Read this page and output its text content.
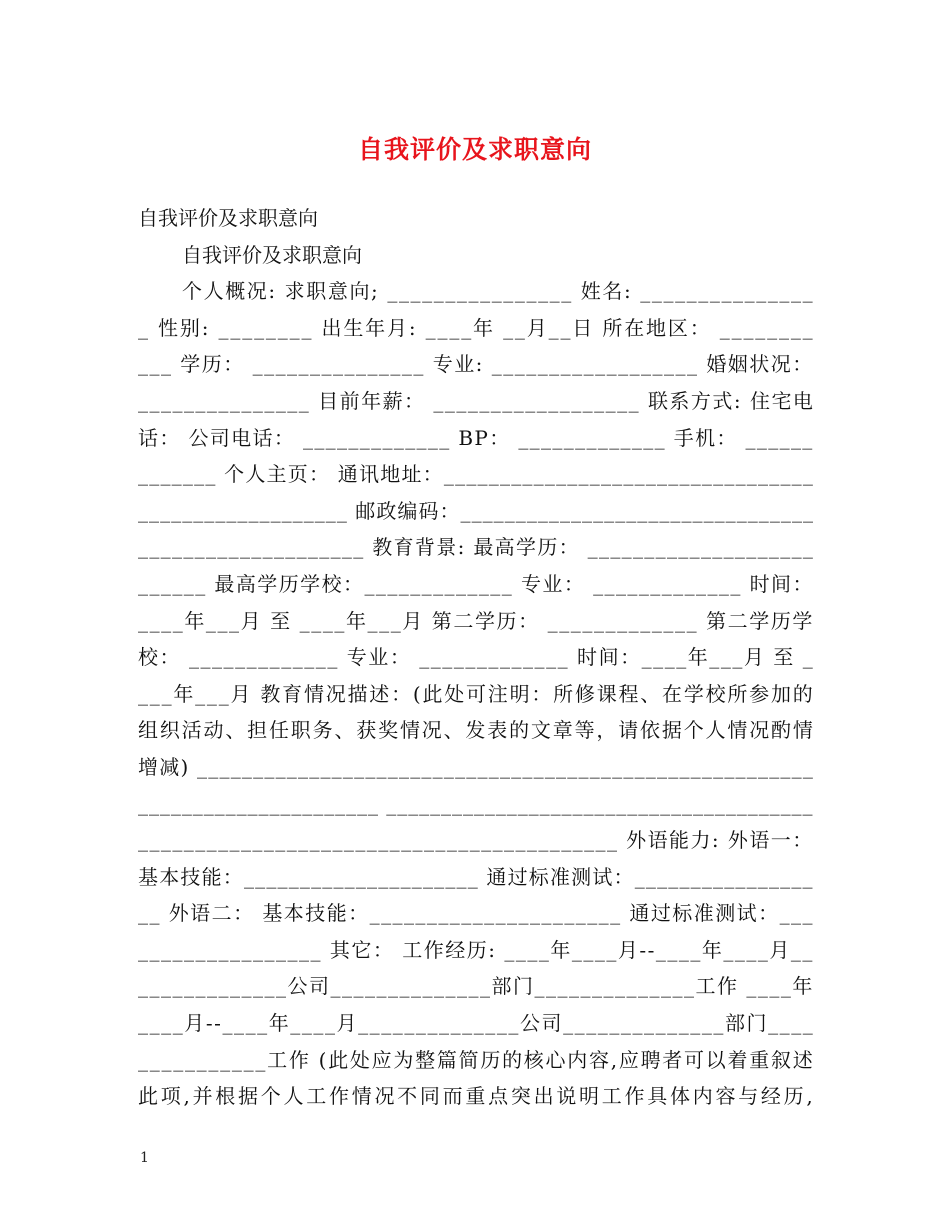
自我评价及求职意向
自我评价及求职意向
自我评价及求职意向
个 人 概 况 :
求 职 意 向 ;
_ _ _ _ _ _ _ _ _ _ _ _ _ _ _ _
姓 名 :
_ _ _ _ _ _ _ _ _ _ _ _ _ _ _
_
性 别 :
_ _ _ _ _ _ _ _
出 生 年 月 :
_ _ _ _ 年
_ _ 月 _ _ 日
所 在 地 区 ：
_ _ _ _ _ _ _ _
_ _ _
学 历 ：
_ _ _ _ _ _ _ _ _ _ _ _ _ _ _
专 业 :
_ _ _ _ _ _ _ _ _ _ _ _ _ _ _ _ _ _
婚 姻 状 况 ：
_ _ _ _ _ _ _ _ _ _ _ _ _ _ _
目 前 年 薪 ：
_ _ _ _ _ _ _ _ _ _ _ _ _ _ _ _ _ _
联 系 方 式 :
住 宅 电
话 ：
公 司 电 话 ：
_ _ _ _ _ _ _ _ _ _ _ _ _
B P ：
_ _ _ _ _ _ _ _ _ _ _ _ _
手 机 ：
_ _ _ _ _ _
_ _ _ _ _ _ _
个 人 主 页 ：
通 讯 地 址 ： _ _ _ _ _ _ _ _ _ _ _ _ _ _ _ _ _ _ _ _ _ _ _ _ _ _ _ _ _ _ _ _ _
_ _ _ _ _ _ _ _ _ _ _ _ _ _ _ _ _ _ _
邮 政 编 码 ： _ _ _ _ _ _ _ _ _ _ _ _ _ _ _ _ _ _ _ _ _ _ _ _ _ _ _ _ _ _ _ _
_ _ _ _ _ _ _ _ _ _ _ _ _ _ _ _ _ _ _ _
教 育 背 景 :
最 高 学 历 ：
_ _ _ _ _ _ _ _ _ _ _ _ _ _ _ _ _ _ _ _
_ _ _ _ _ _
最 高 学 历 学 校 ： _ _ _ _ _ _ _ _ _ _ _ _ _
专 业 ：
_ _ _ _ _ _ _ _ _ _ _ _ _
时 间 ：
_ _ _ _ 年 _ _ _ 月
至
_ _ _ _ 年 _ _ _ 月
第 二 学 历 ：
_ _ _ _ _ _ _ _ _ _ _ _ _
第 二 学 历 学
校 ：
_ _ _ _ _ _ _ _ _ _ _ _ _
专 业 ：
_ _ _ _ _ _ _ _ _ _ _ _ _
时 间 ： _ _ _ _ 年 _ _ _ 月
至
_
_ _ _ 年 _ _ _ 月
教 育 情 况 描 述 ： ( 此 处 可 注 明 ： 所 修 课 程 、 在 学 校 所 参 加 的
组 织 活 动 、 担 任 职 务 、 获 奖 情 况 、 发 表 的 文 章 等 ， 请 依 据 个 人 情 况 酌 情
增 减 )
_ _ _ _ _ _ _ _ _ _ _ _ _ _ _ _ _ _ _ _ _ _ _ _ _ _ _ _ _ _ _ _ _ _ _ _ _ _ _ _ _ _ _ _ _ _ _ _ _ _ _ _ _ _ _
_ _ _ _ _ _ _ _ _ _ _ _ _ _ _ _ _ _ _ _ _ _
_ _ _ _ _ _ _ _ _ _ _ _ _ _ _ _ _ _ _ _ _ _ _ _ _ _ _ _ _ _ _ _ _ _ _ _ _ _ _
_ _ _ _ _ _ _ _ _ _ _ _ _ _ _ _ _ _ _ _ _ _ _ _ _ _ _ _ _ _ _ _ _ _ _ _ _ _ _ _ _ _
外 语 能 力 :
外 语 一 ：
基 本 技 能 ： _ _ _ _ _ _ _ _ _ _ _ _ _ _ _ _ _ _ _ _ _
通 过 标 准 测 试 ： _ _ _ _ _ _ _ _ _ _ _ _ _ _ _ _
_ _
外 语 二 ：
基 本 技 能 ： _ _ _ _ _ _ _ _ _ _ _ _ _ _ _ _ _ _ _ _ _ _
通 过 标 准 测 试 ： _ _ _
_ _ _ _ _ _ _ _ _ _ _ _ _ _ _ _
其 它 ：
工 作 经 历 :
_ _ _ _ 年 _ _ _ _ 月 - - _ _ _ _ 年 _ _ _ _ 月 _ _
_ _ _ _ _ _ _ _ _ _ _ _ _ 公 司 _ _ _ _ _ _ _ _ _ _ _ _ _ _ 部 门 _ _ _ _ _ _ _ _ _ _ _ _ _ _ 工 作
_ _ _ _ 年
_ _ _ _ 月 - - _ _ _ _ 年 _ _ _ _ 月 _ _ _ _ _ _ _ _ _ _ _ _ _ _ 公 司 _ _ _ _ _ _ _ _ _ _ _ _ _ _ 部 门 _ _ _ _
_ _ _ _ _ _ _ _ _ _ _ 工 作
( 此 处 应 为 整 篇 简 历 的 核 心 内 容 , 应 聘 者 可 以 着 重 叙 述
此 项 , 并 根 据 个 人 工 作 情 况 不 同 而 重 点 突 出 说 明 工 作 具 体 内 容 与 经 历 ,
1
